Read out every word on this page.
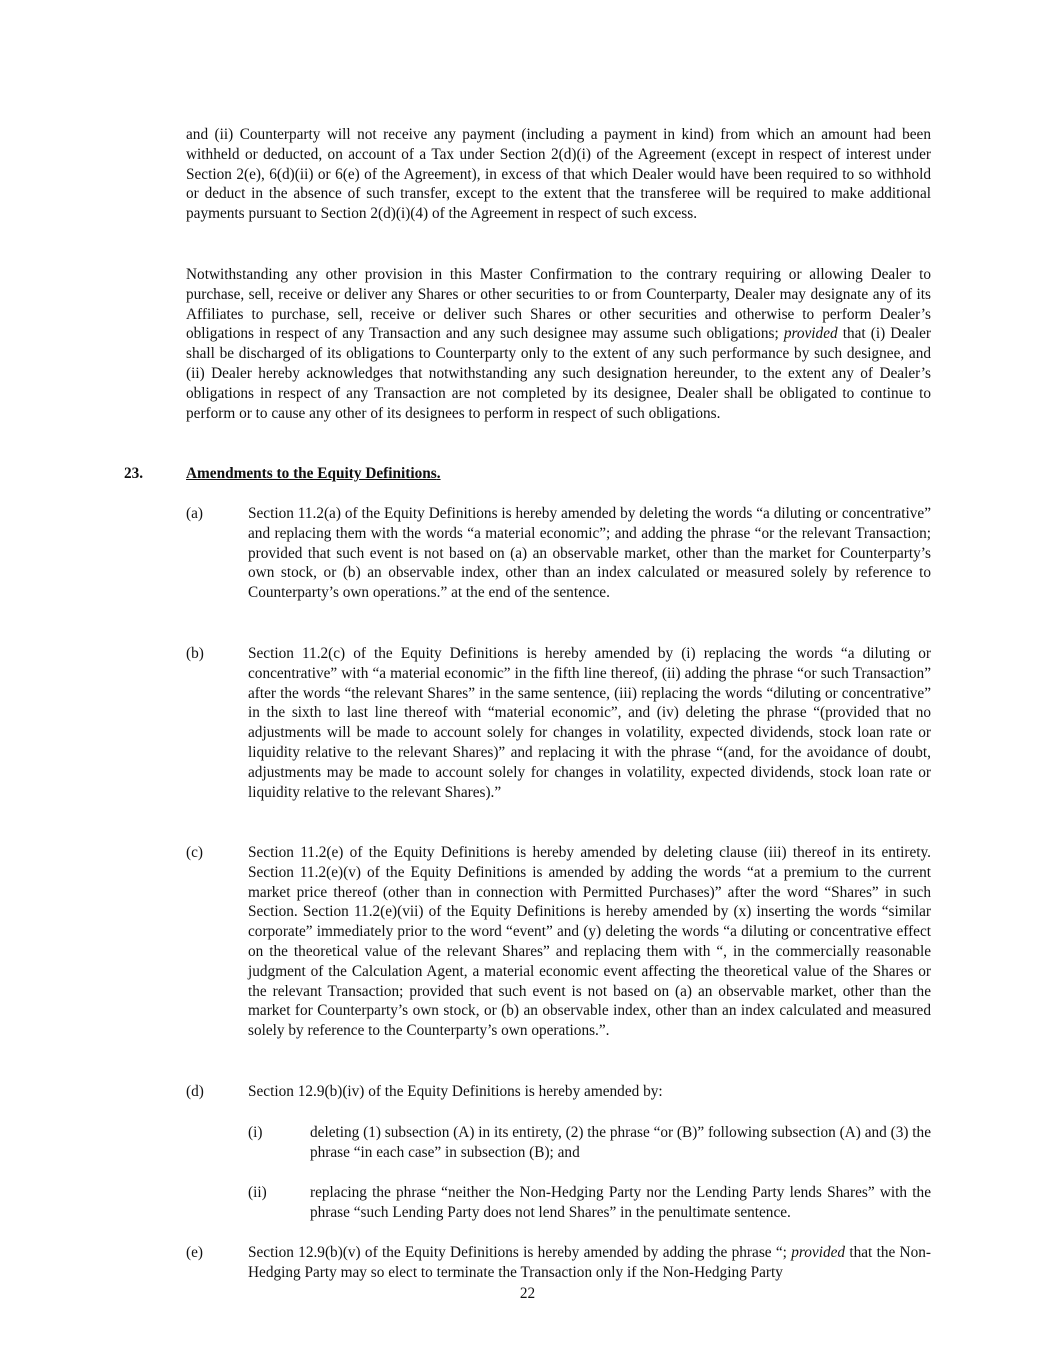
and (ii) Counterparty will not receive any payment (including a payment in kind) from which an amount had been withheld or deducted, on account of a Tax under Section 2(d)(i) of the Agreement (except in respect of interest under Section 2(e), 6(d)(ii) or 6(e) of the Agreement), in excess of that which Dealer would have been required to so withhold or deduct in the absence of such transfer, except to the extent that the transferee will be required to make additional payments pursuant to Section 2(d)(i)(4) of the Agreement in respect of such excess.

Notwithstanding any other provision in this Master Confirmation to the contrary requiring or allowing Dealer to purchase, sell, receive or deliver any Shares or other securities to or from Counterparty, Dealer may designate any of its Affiliates to purchase, sell, receive or deliver such Shares or other securities and otherwise to perform Dealer’s obligations in respect of any Transaction and any such designee may assume such obligations; provided that (i) Dealer shall be discharged of its obligations to Counterparty only to the extent of any such performance by such designee, and (ii) Dealer hereby acknowledges that notwithstanding any such designation hereunder, to the extent any of Dealer’s obligations in respect of any Transaction are not completed by its designee, Dealer shall be obligated to continue to perform or to cause any other of its designees to perform in respect of such obligations.

23.	Amendments to the Equity Definitions.
(a)	Section 11.2(a) of the Equity Definitions is hereby amended by deleting the words “a diluting or concentrative” and replacing them with the words “a material economic”; and adding the phrase “or the relevant Transaction; provided that such event is not based on (a) an observable market, other than the market for Counterparty’s own stock, or (b) an observable index, other than an index calculated or measured solely by reference to Counterparty’s own operations.” at the end of the sentence.
(b)	Section 11.2(c) of the Equity Definitions is hereby amended by (i) replacing the words “a diluting or concentrative” with “a material economic” in the fifth line thereof, (ii) adding the phrase “or such Transaction” after the words “the relevant Shares” in the same sentence, (iii) replacing the words “diluting or concentrative” in the sixth to last line thereof with “material economic”, and (iv) deleting the phrase “(provided that no adjustments will be made to account solely for changes in volatility, expected dividends, stock loan rate or liquidity relative to the relevant Shares)” and replacing it with the phrase “(and, for the avoidance of doubt, adjustments may be made to account solely for changes in volatility, expected dividends, stock loan rate or liquidity relative to the relevant Shares).”
(c)	Section 11.2(e) of the Equity Definitions is hereby amended by deleting clause (iii) thereof in its entirety. Section 11.2(e)(v) of the Equity Definitions is amended by adding the words “at a premium to the current market price thereof (other than in connection with Permitted Purchases)” after the word “Shares” in such Section. Section 11.2(e)(vii) of the Equity Definitions is hereby amended by (x) inserting the words “similar corporate” immediately prior to the word “event” and (y) deleting the words “a diluting or concentrative effect on the theoretical value of the relevant Shares” and replacing them with “, in the commercially reasonable judgment of the Calculation Agent, a material economic event affecting the theoretical value of the Shares or the relevant Transaction; provided that such event is not based on (a) an observable market, other than the market for Counterparty’s own stock, or (b) an observable index, other than an index calculated and measured solely by reference to the Counterparty’s own operations.”.
(d)	Section 12.9(b)(iv) of the Equity Definitions is hereby amended by:
(i)	deleting (1) subsection (A) in its entirety, (2) the phrase “or (B)” following subsection (A) and (3) the phrase “in each case” in subsection (B); and
(ii)	replacing the phrase “neither the Non-Hedging Party nor the Lending Party lends Shares” with the phrase “such Lending Party does not lend Shares” in the penultimate sentence.
(e)	Section 12.9(b)(v) of the Equity Definitions is hereby amended by adding the phrase “; provided that the Non-Hedging Party may so elect to terminate the Transaction only if the Non-Hedging Party
22
